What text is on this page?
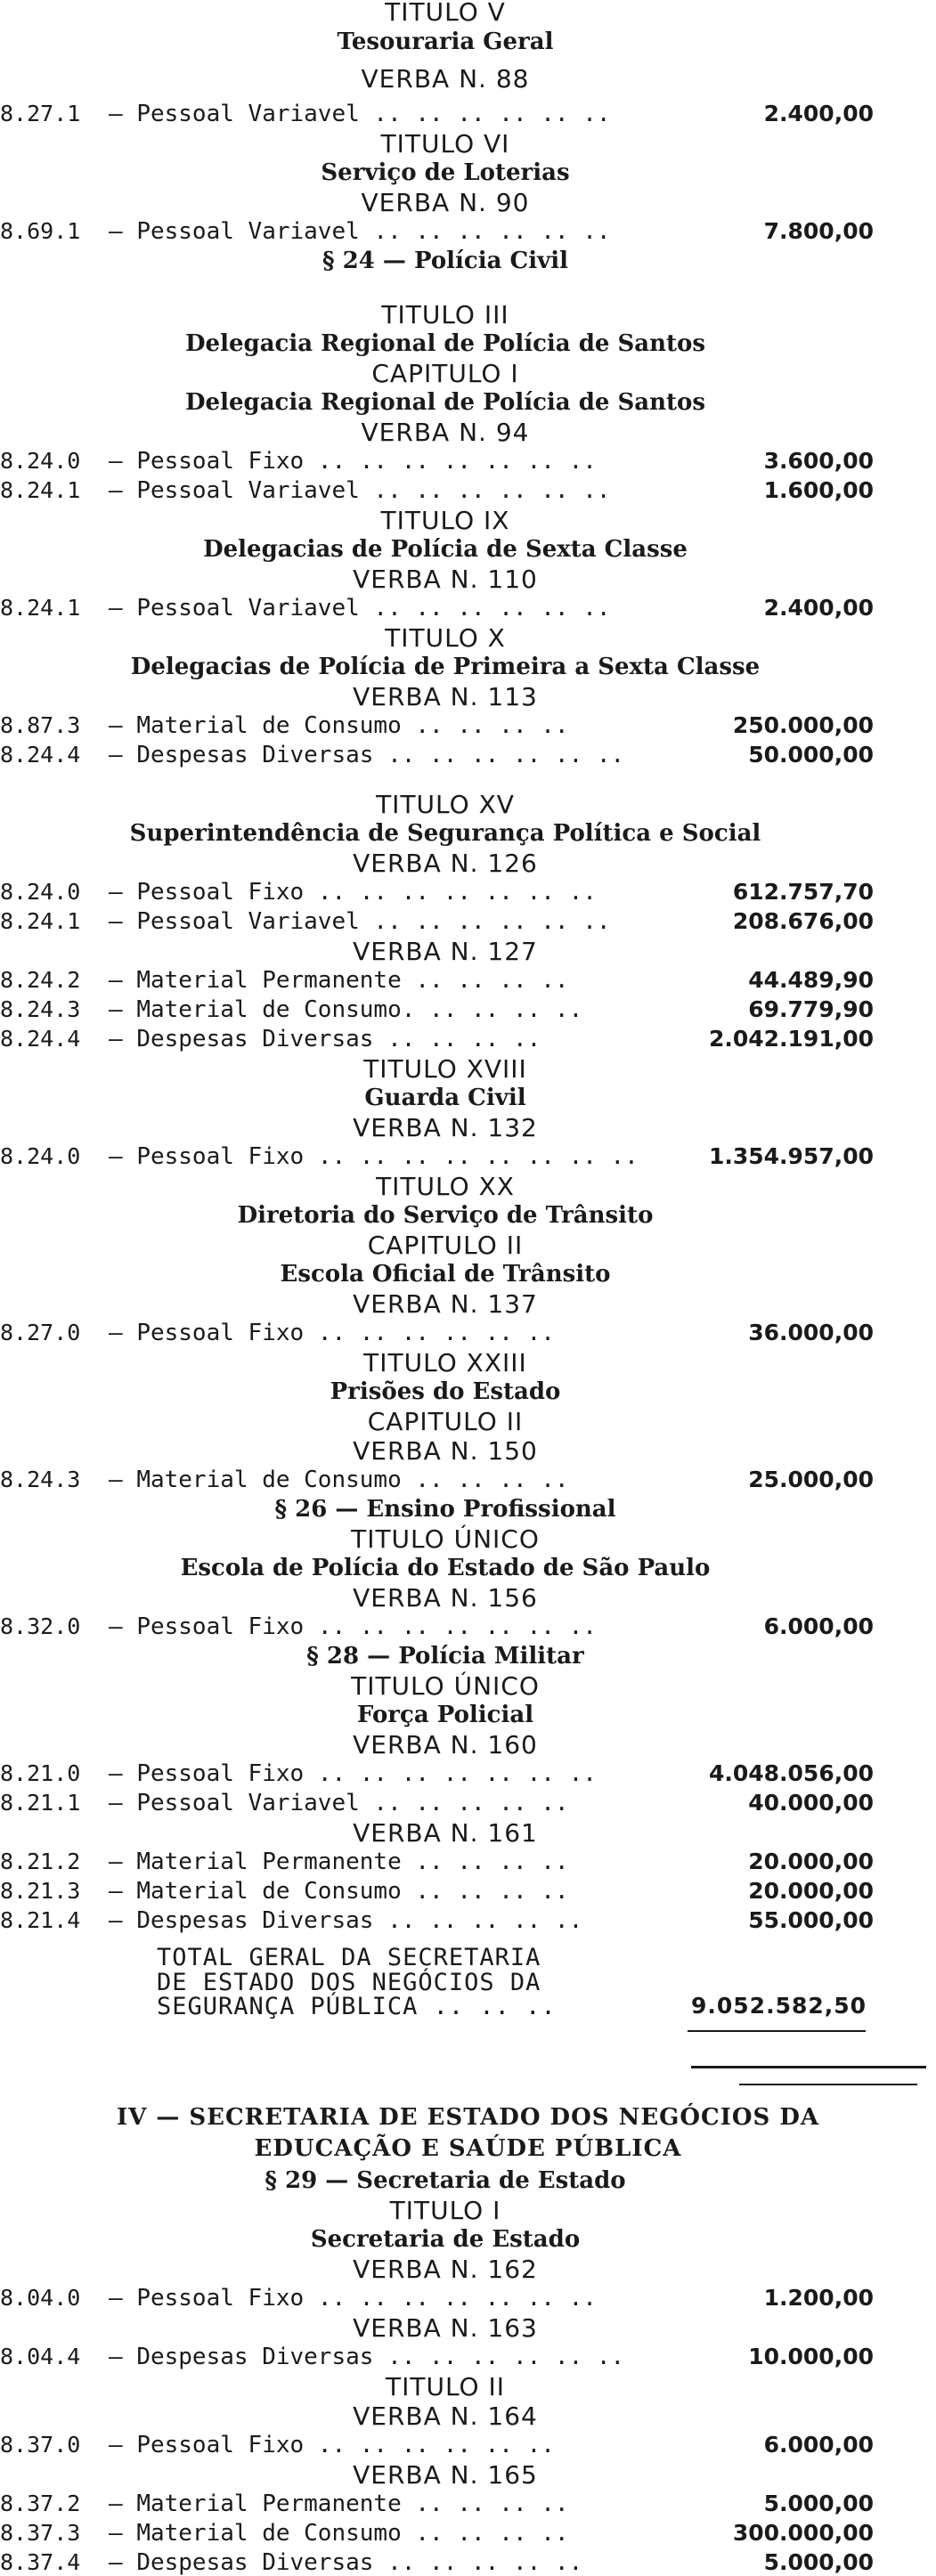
TITULO V
Tesouraria Geral
VERBA N. 88
8.27.1 — Pessoal Variavel .. .. .. .. .. ..	2.400,00
TITULO VI
Serviço de Loterias
VERBA N. 90
8.69.1 — Pessoal Variavel .. .. .. .. .. ..	7.800,00
§ 24 — Polícia Civil
TITULO III
Delegacia Regional de Polícia de Santos
CAPITULO I
Delegacia Regional de Polícia de Santos
VERBA N. 94
8.24.0 — Pessoal Fixo .. .. .. .. .. .. ..	3.600,00
8.24.1 — Pessoal Variavel .. .. .. .. .. ..	1.600,00
TITULO IX
Delegacias de Polícia de Sexta Classe
VERBA N. 110
8.24.1 — Pessoal Variavel .. .. .. .. .. ..	2.400,00
TITULO X
Delegacias de Polícia de Primeira a Sexta Classe
VERBA N. 113
8.87.3 — Material de Consumo .. .. .. ..	250.000,00
8.24.4 — Despesas Diversas .. .. .. .. .. ..	50.000,00
TITULO XV
Superintendência de Segurança Política e Social
VERBA N. 126
8.24.0 — Pessoal Fixo .. .. .. .. .. .. ..	612.757,70
8.24.1 — Pessoal Variavel .. .. .. .. .. ..	208.676,00
VERBA N. 127
8.24.2 — Material Permanente .. .. .. ..	44.489,90
8.24.3 — Material de Consumo. .. .. .. ..	69.779,90
8.24.4 — Despesas Diversas .. .. .. ..	2.042.191,00
TITULO XVIII
Guarda Civil
VERBA N. 132
8.24.0 — Pessoal Fixo .. .. .. .. .. .. .. ..	1.354.957,00
TITULO XX
Diretoria do Serviço de Trânsito
CAPITULO II
Escola Oficial de Trânsito
VERBA N. 137
8.27.0 — Pessoal Fixo .. .. .. .. .. ..	36.000,00
TITULO XXIII
Prisões do Estado
CAPITULO II
VERBA N. 150
8.24.3 — Material de Consumo .. .. .. ..	25.000,00
§ 26 — Ensino Profissional
TITULO ÚNICO
Escola de Polícia do Estado de São Paulo
VERBA N. 156
8.32.0 — Pessoal Fixo .. .. .. .. .. .. ..	6.000,00
§ 28 — Polícia Militar
TITULO ÚNICO
Força Policial
VERBA N. 160
8.21.0 — Pessoal Fixo .. .. .. .. .. .. ..	4.048.056,00
8.21.1 — Pessoal Variavel .. .. .. .. ..	40.000,00
VERBA N. 161
8.21.2 — Material Permanente .. .. .. ..	20.000,00
8.21.3 — Material de Consumo .. .. .. ..	20.000,00
8.21.4 — Despesas Diversas .. .. .. .. ..	55.000,00
IV — SECRETARIA DE ESTADO DOS NEGÓCIOS DA
EDUCAÇÃO E SAÚDE PÚBLICA
§ 29 — Secretaria de Estado
TITULO I
Secretaria de Estado
VERBA N. 162
8.04.0 — Pessoal Fixo .. .. .. .. .. .. ..	1.200,00
VERBA N. 163
8.04.4 — Despesas Diversas .. .. .. .. .. ..	10.000,00
TITULO II
VERBA N. 164
8.37.0 — Pessoal Fixo .. .. .. .. .. ..	6.000,00
VERBA N. 165
8.37.2 — Material Permanente .. .. .. ..	5.000,00
8.37.3 — Material de Consumo .. .. .. ..	300.000,00
8.37.4 — Despesas Diversas .. .. .. .. ..	5.000,00
TOTAL GERAL DA SECRETARIA
DE ESTADO DOS NEGÓCIOS DA
SEGURANÇA PÚBLICA .. .. ..	9.052.582,50
